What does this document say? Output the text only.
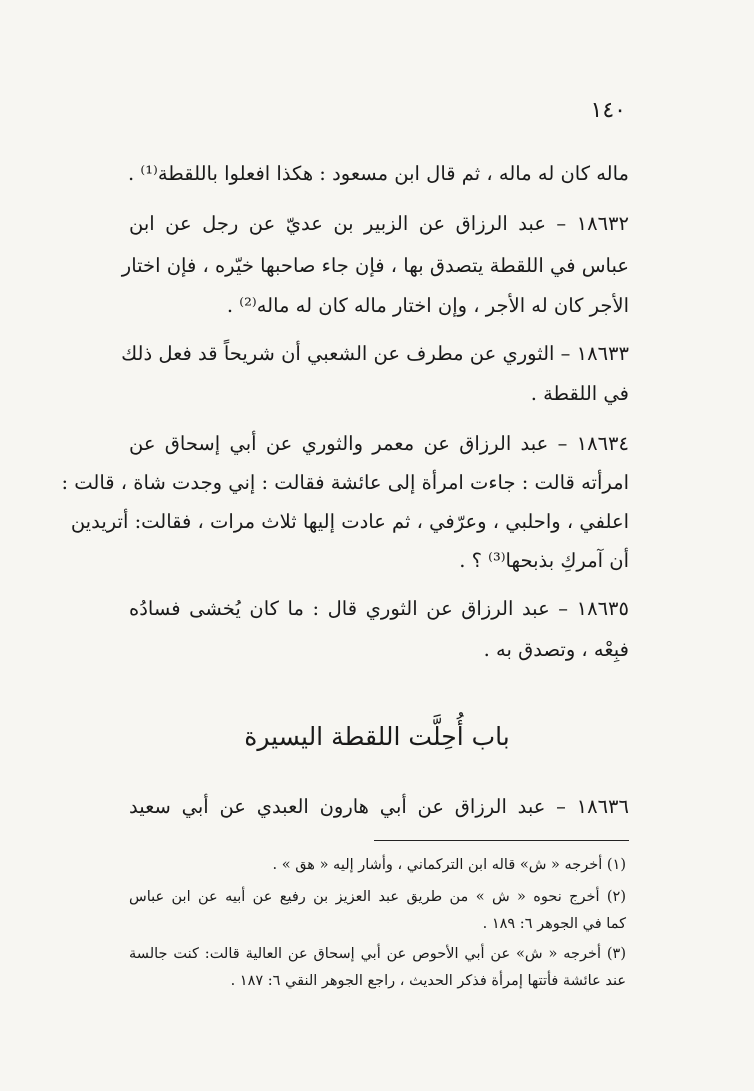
١٤٠
ماله كان له ماله ، ثم قال ابن مسعود : هكذا افعلوا باللقطة⁽¹⁾ .
١٨٦٣٢ – عبد الرزاق عن الزبير بن عديّ عن رجل عن ابن
عباس في اللقطة يتصدق بها ، فإن جاء صاحبها خيّره ، فإن اختار
الأجر كان له الأجر ، وإن اختار ماله كان له ماله⁽²⁾ .
١٨٦٣٣ – الثوري عن مطرف عن الشعبي أن شريحاً قد فعل ذلك
في اللقطة .
١٨٦٣٤ – عبد الرزاق عن معمر والثوري عن أبي إسحاق عن
امرأته قالت : جاءت امرأة إلى عائشة فقالت : إني وجدت شاة ، قالت :
اعلفي ، واحلبي ، وعرّفي ، ثم عادت إليها ثلاث مرات ، فقالت: أتريدين
أن آمركِ بذبحها⁽³⁾ ؟ .
١٨٦٣٥ – عبد الرزاق عن الثوري قال : ما كان يُخشى فسادُه
فبِعْه ، وتصدق به .
باب أُحِلَّت اللقطة اليسيرة
١٨٦٣٦ – عبد الرزاق عن أبي هارون العبدي عن أبي سعيد
(١) أخرجه « ش» قاله ابن التركماني ، وأشار إليه « هق » .
(٢) أخرج نحوه « ش » من طريق عبد العزيز بن رفيع عن أبيه عن ابن عباس
كما في الجوهر ٦: ١٨٩ .
(٣) أخرجه « ش» عن أبي الأحوص عن أبي إسحاق عن العالية قالت: كنت جالسة
عند عائشة فأتتها إمرأة فذكر الحديث ، راجع الجوهر النقي ٦: ١٨٧ .
